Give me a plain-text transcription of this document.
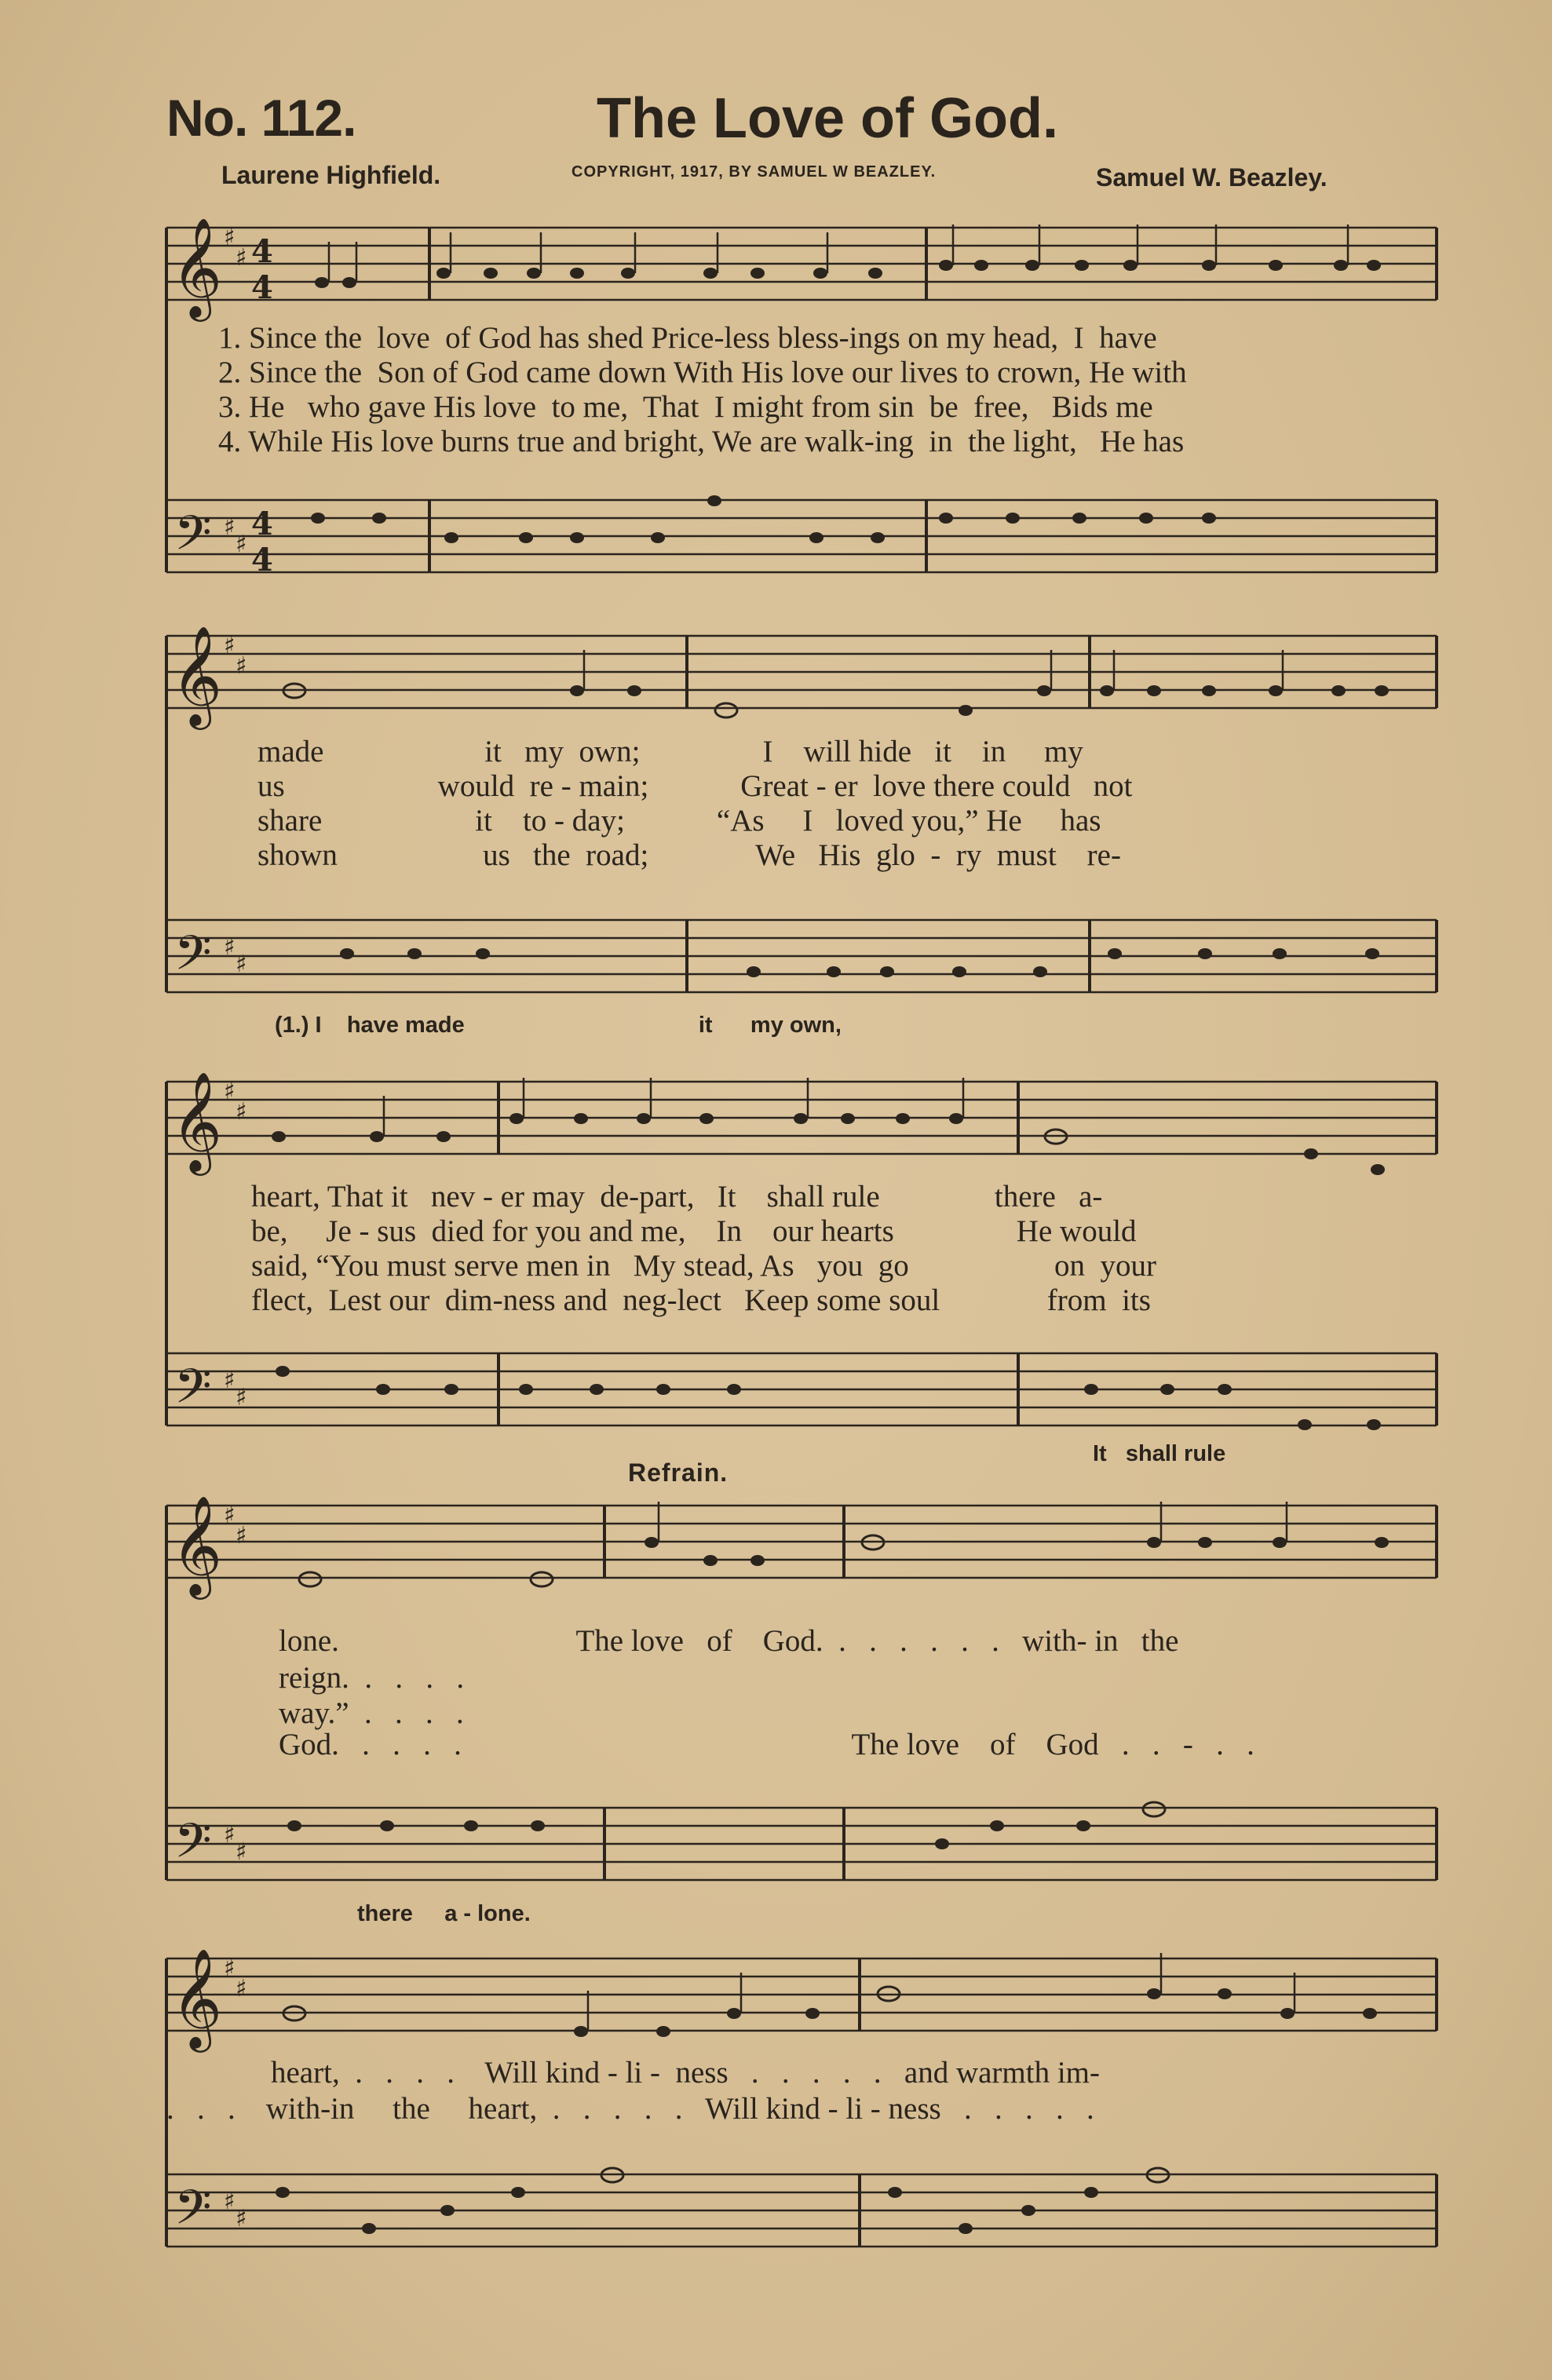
No. 112.	The Love of God.
Laurene Highfield.	COPYRIGHT, 1917, BY SAMUEL W BEAZLEY.	Samuel W. Beazley.
𝄞
𝄢
𝄞
𝄢
𝄞
𝄢
𝄞
𝄢
𝄞
𝄢
♯
♯
♯
♯
♯
♯
♯
♯
♯
♯
♯
♯
♯
♯
♯
♯
♯
♯
♯
♯
4
4
4
4
1. Since the  love  of God has shed Price-less bless-ings on my head,  I  have
2. Since the  Son of God came down With His love our lives to crown, He with
3. He   who gave His love  to me,  That  I might from sin  be  free,   Bids me
4. While His love burns true and bright, We are walk-ing  in  the light,   He has
made                     it   my  own;                I    will hide   it    in     my
us                    would  re - main;            Great - er  love there could   not
share                    it    to - day;            “As     I   loved you,” He     has
shown                   us   the  road;              We   His  glo  -  ry  must    re-
(1.) I    have made                                     it      my own,
heart, That it   nev - er may  de-part,   It    shall rule               there   a-
be,     Je - sus  died for you and me,    In    our hearts                He would
said, “You must serve men in   My stead, As   you  go                   on  your
flect,  Lest our  dim-ness and  neg-lect   Keep some soul              from  its
It   shall rule
Refrain.
lone.                               The love   of    God.  .   .   .   .   .   .   with- in   the
reign.  .   .   .   .
way.”  .   .   .   .
God.   .   .   .   .                                                   The love    of    God   .   .   -   .   .
there     a - lone.
heart,  .   .   .   .    Will kind - li -  ness   .   .   .   .   .   and warmth im-
.   .   .    with-in     the     heart,  .   .   .   .   .   Will kind - li - ness   .   .   .   .   .
